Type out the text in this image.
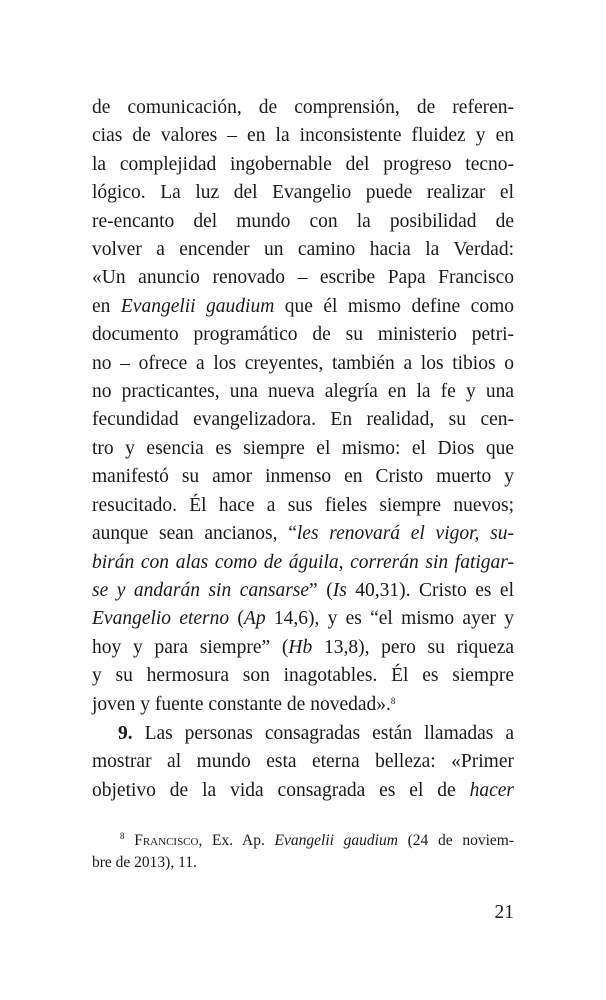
de comunicación, de comprensión, de referen-
cias de valores – en la inconsistente fluidez y en
la complejidad ingobernable del progreso tecno-
lógico. La luz del Evangelio puede realizar el
re-encanto del mundo con la posibilidad de
volver a encender un camino hacia la Verdad:
«Un anuncio renovado – escribe Papa Francisco
en Evangelii gaudium que él mismo define como
documento programático de su ministerio petri-
no – ofrece a los creyentes, también a los tibios o
no practicantes, una nueva alegría en la fe y una
fecundidad evangelizadora. En realidad, su cen-
tro y esencia es siempre el mismo: el Dios que
manifestó su amor inmenso en Cristo muerto y
resucitado. Él hace a sus fieles siempre nuevos;
aunque sean ancianos, “les renovará el vigor, su-
birán con alas como de águila, correrán sin fatigar-
se y andarán sin cansarse” (Is 40,31). Cristo es el
Evangelio eterno (Ap 14,6), y es “el mismo ayer y
hoy y para siempre” (Hb 13,8), pero su riqueza
y su hermosura son inagotables. Él es siempre
joven y fuente constante de novedad».$^8$
9. Las personas consagradas están llamadas a
mostrar al mundo esta eterna belleza: «Primer
objetivo de la vida consagrada es el de hacer
$^8$ Francisco, Ex. Ap. Evangelii gaudium (24 de noviem-
bre de 2013), 11.
21
